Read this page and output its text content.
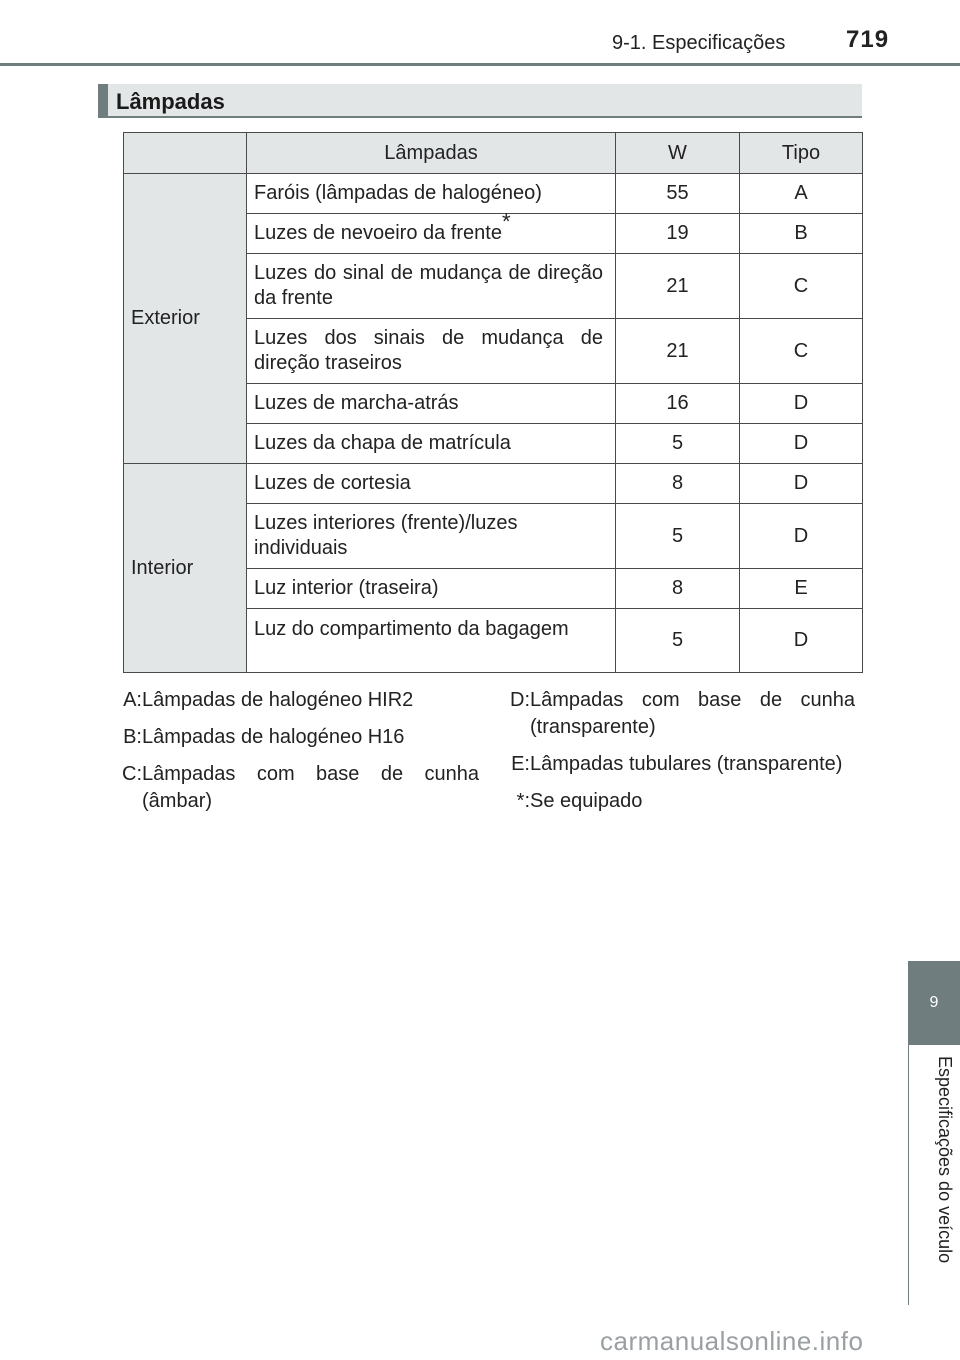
9-1. Especificações	719
Lâmpadas
	Lâmpadas	W	Tipo
Exterior	Faróis (lâmpadas de halogéneo)	55	A
	Luzes de nevoeiro da frente*	19	B
	Luzes do sinal de mudança de direção da frente	21	C
	Luzes dos sinais de mudança de direção traseiros	21	C
	Luzes de marcha-atrás	16	D
	Luzes da chapa de matrícula	5	D
Interior	Luzes de cortesia	8	D
	Luzes interiores (frente)/luzes individuais	5	D
	Luz interior (traseira)	8	E
	Luz do compartimento da bagagem	5	D
A: Lâmpadas de halogéneo HIR2
B: Lâmpadas de halogéneo H16
C: Lâmpadas com base de cunha (âmbar)
D: Lâmpadas com base de cunha (transparente)
E: Lâmpadas tubulares (transparente)
*: Se equipado
9
Especificações do veículo
carmanualsonline.info
